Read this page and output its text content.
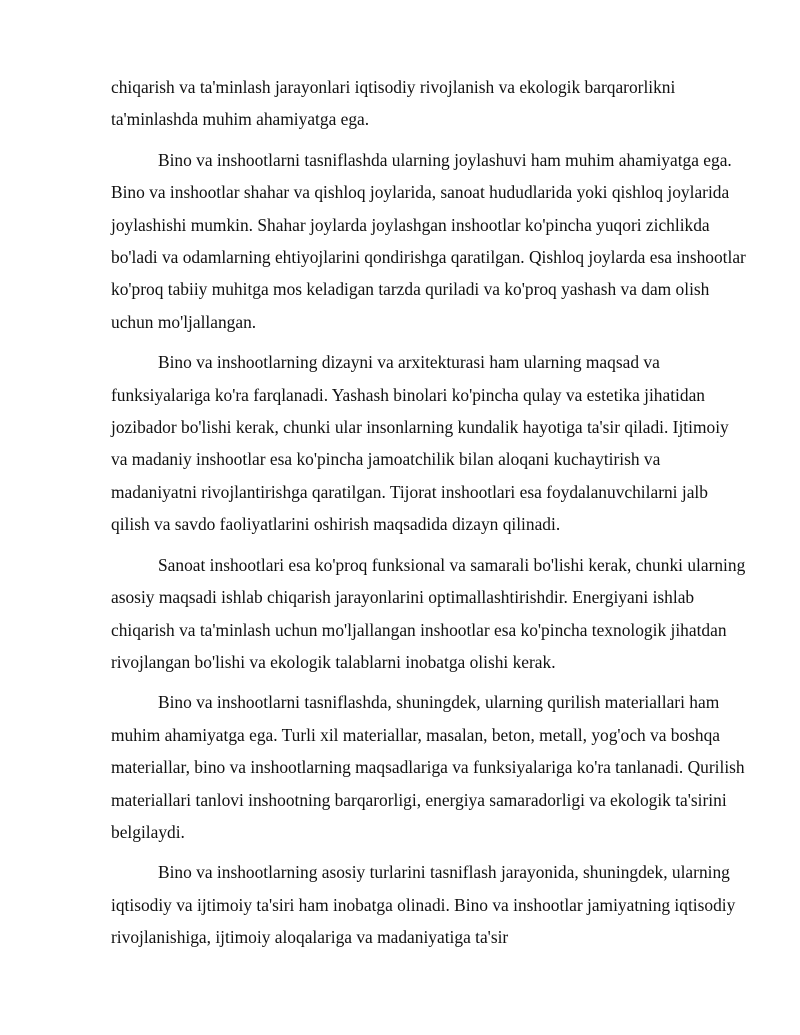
chiqarish va ta'minlash jarayonlari iqtisodiy rivojlanish va ekologik barqarorlikni ta'minlashda muhim ahamiyatga ega.

Bino va inshootlarni tasniflashda ularning joylashuvi ham muhim ahamiyatga ega. Bino va inshootlar shahar va qishloq joylarida, sanoat hududlarida yoki qishloq joylarida joylashishi mumkin. Shahar joylarda joylashgan inshootlar ko'pincha yuqori zichlikda bo'ladi va odamlarning ehtiyojlarini qondirishga qaratilgan. Qishloq joylarda esa inshootlar ko'proq tabiiy muhitga mos keladigan tarzda quriladi va ko'proq yashash va dam olish uchun mo'ljallangan.

Bino va inshootlarning dizayni va arxitekturasi ham ularning maqsad va funksiyalariga ko'ra farqlanadi. Yashash binolari ko'pincha qulay va estetika jihatidan jozibador bo'lishi kerak, chunki ular insonlarning kundalik hayotiga ta'sir qiladi. Ijtimoiy va madaniy inshootlar esa ko'pincha jamoatchilik bilan aloqani kuchaytirish va madaniyatni rivojlantirishga qaratilgan. Tijorat inshootlari esa foydalanuvchilarni jalb qilish va savdo faoliyatlarini oshirish maqsadida dizayn qilinadi.

Sanoat inshootlari esa ko'proq funksional va samarali bo'lishi kerak, chunki ularning asosiy maqsadi ishlab chiqarish jarayonlarini optimallashtirishdir. Energiyani ishlab chiqarish va ta'minlash uchun mo'ljallangan inshootlar esa ko'pincha texnologik jihatdan rivojlangan bo'lishi va ekologik talablarni inobatga olishi kerak.

Bino va inshootlarni tasniflashda, shuningdek, ularning qurilish materiallari ham muhim ahamiyatga ega. Turli xil materiallar, masalan, beton, metall, yog'och va boshqa materiallar, bino va inshootlarning maqsadlariga va funksiyalariga ko'ra tanlanadi. Qurilish materiallari tanlovi inshootning barqarorligi, energiya samaradorligi va ekologik ta'sirini belgilaydi.

Bino va inshootlarning asosiy turlarini tasniflash jarayonida, shuningdek, ularning iqtisodiy va ijtimoiy ta'siri ham inobatga olinadi. Bino va inshootlar jamiyatning iqtisodiy rivojlanishiga, ijtimoiy aloqalariga va madaniyatiga ta'sir
